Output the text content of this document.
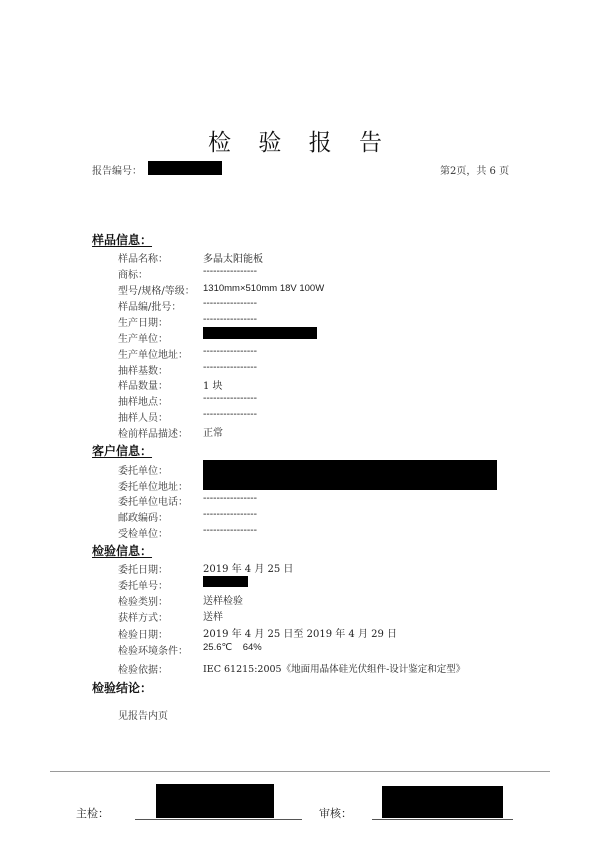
检 验 报 告
报告编号：	第2页，共 6 页
样品信息：
样品名称：	多晶太阳能板
商标：	----------------
型号/规格/等级： 1310mm×510mm 18V 100W
样品编/批号： ----------------
生产日期：	----------------
生产单位：
生产单位地址： ----------------
抽样基数：	----------------
样品数量：	1 块
抽样地点：	----------------
抽样人员：	----------------
检前样品描述： 正常
客户信息：
委托单位：
委托单位地址：
委托单位电话： ----------------
邮政编码：	----------------
受检单位：	----------------
检验信息：
委托日期：	2019 年 4 月 25 日
委托单号：
检验类别：	送样检验
获样方式：	送样
检验日期：	2019 年 4 月 25 日至 2019 年 4 月 29 日
检验环境条件： 25.6℃    64%
检验依据：	IEC 61215:2005《地面用晶体硅光伏组件-设计鉴定和定型》
检验结论：
见报告内页
主检：	审核：
